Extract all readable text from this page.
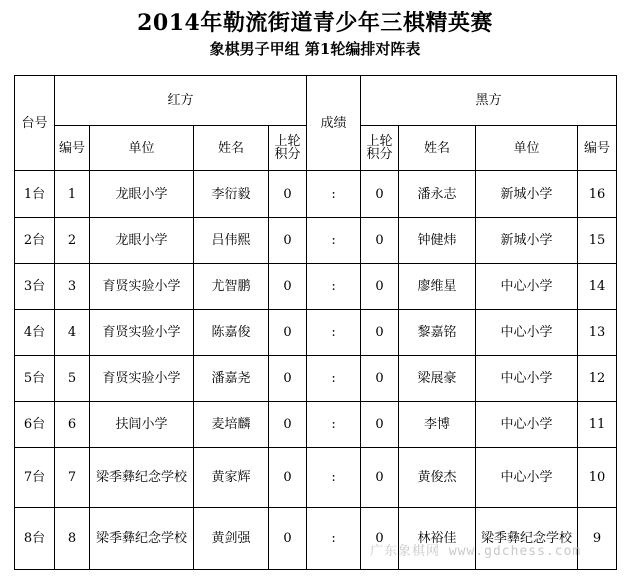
2014年勒流街道青少年三棋精英赛
象棋男子甲组 第1轮编排对阵表
台号	红方				成绩	黑方			
	编号	单位	姓名	上轮积分		上轮积分	姓名	单位	编号
1台	1	龙眼小学	李衍毅	0	:	0	潘永志	新城小学	16
2台	2	龙眼小学	吕伟熙	0	:	0	钟健炜	新城小学	15
3台	3	育贤实验小学	尤智鹏	0	:	0	廖维星	中心小学	14
4台	4	育贤实验小学	陈嘉俊	0	:	0	黎嘉铭	中心小学	13
5台	5	育贤实验小学	潘嘉尧	0	:	0	梁展豪	中心小学	12
6台	6	扶闾小学	麦培麟	0	:	0	李博	中心小学	11
7台	7	梁季彝纪念学校	黄家辉	0	:	0	黄俊杰	中心小学	10
8台	8	梁季彝纪念学校	黄剑强	0	:	0	林裕佳	梁季彝纪念学校	9
广东象棋网 www.gdchess.com
